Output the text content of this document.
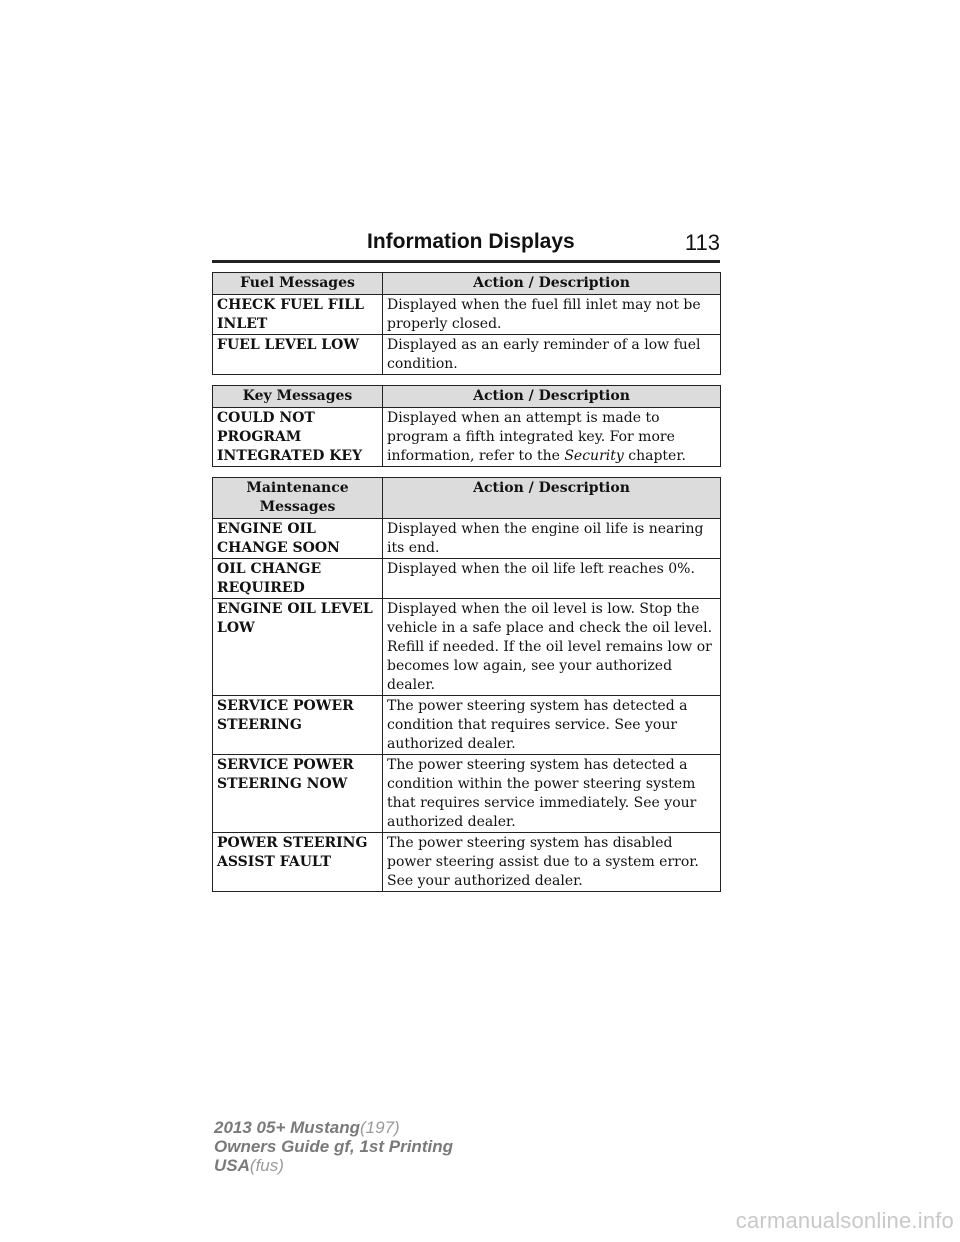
Information Displays	113
Fuel Messages	Action / Description
CHECK FUEL FILL INLET	Displayed when the fuel fill inlet may not be properly closed.
FUEL LEVEL LOW	Displayed as an early reminder of a low fuel condition.
Key Messages	Action / Description
COULD NOT PROGRAM INTEGRATED KEY	Displayed when an attempt is made to program a fifth integrated key. For more information, refer to the Security chapter.
Maintenance Messages	Action / Description
ENGINE OIL CHANGE SOON	Displayed when the engine oil life is nearing its end.
OIL CHANGE REQUIRED	Displayed when the oil life left reaches 0%.
ENGINE OIL LEVEL LOW	Displayed when the oil level is low. Stop the vehicle in a safe place and check the oil level. Refill if needed. If the oil level remains low or becomes low again, see your authorized dealer.
SERVICE POWER STEERING	The power steering system has detected a condition that requires service. See your authorized dealer.
SERVICE POWER STEERING NOW	The power steering system has detected a condition within the power steering system that requires service immediately. See your authorized dealer.
POWER STEERING ASSIST FAULT	The power steering system has disabled power steering assist due to a system error. See your authorized dealer.
2013 05+ Mustang(197)
Owners Guide gf, 1st Printing
USA(fus)
carmanualsonline.info
